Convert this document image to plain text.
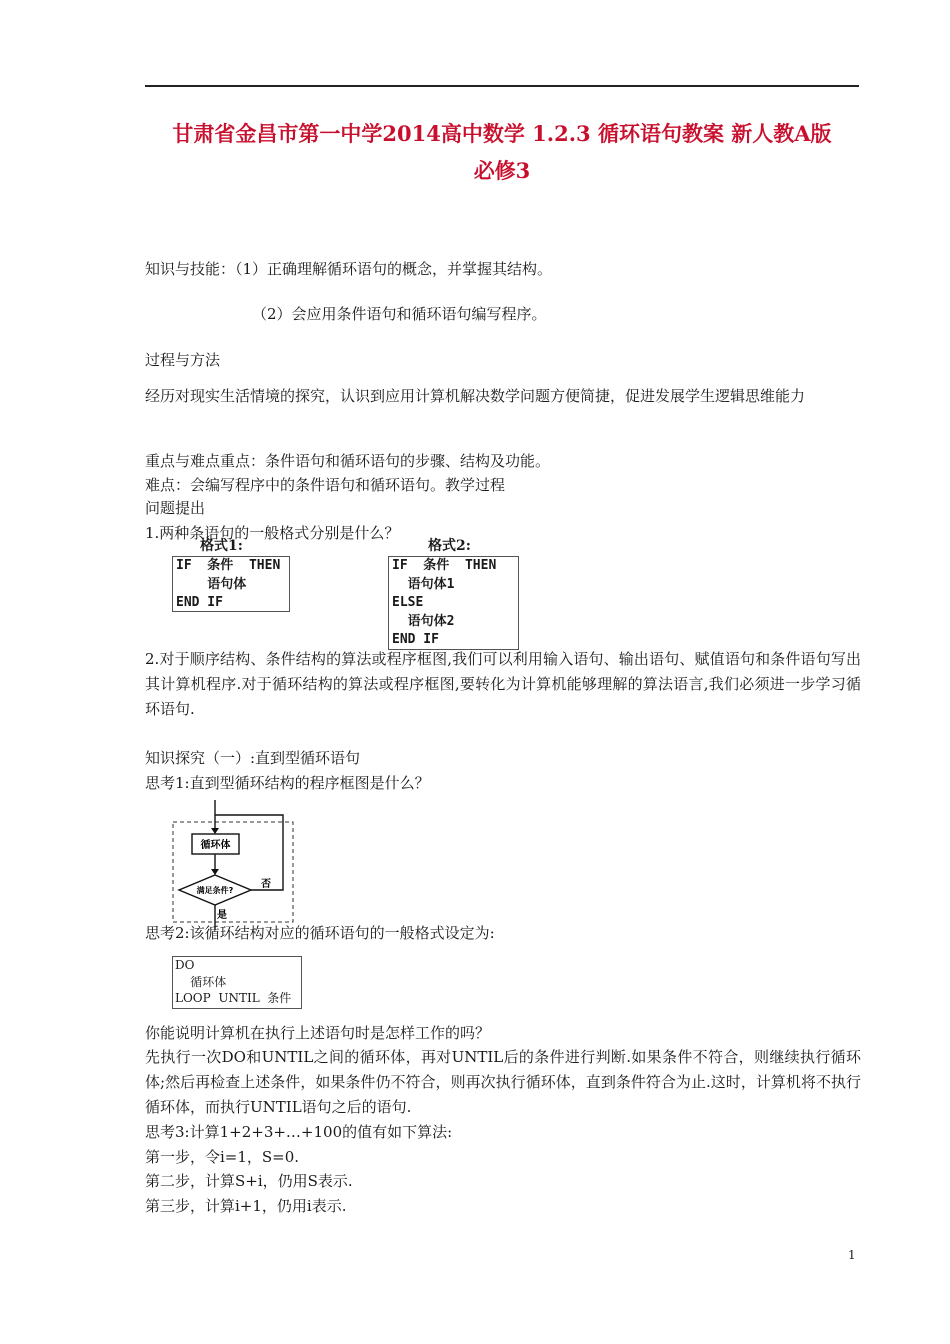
甘肃省金昌市第一中学2014高中数学 1.2.3 循环语句教案 新人教A版
必修3
知识与技能：（1）正确理解循环语句的概念，并掌握其结构。
（2）会应用条件语句和循环语句编写程序。
过程与方法
经历对现实生活情境的探究，认识到应用计算机解决数学问题方便简捷，促进发展学生逻辑思维能力
重点与难点重点：条件语句和循环语句的步骤、结构及功能。
难点：会编写程序中的条件语句和循环语句。教学过程
问题提出
1.两种条语句的一般格式分别是什么？
格式1:
IF  条件  THEN
语句体
END IF
格式2:
IF  条件  THEN
语句体1
ELSE
语句体2
END IF
2.对于顺序结构、条件结构的算法或程序框图,我们可以利用输入语句、输出语句、赋值语句和条件语句写出其计算机程序.对于循环结构的算法或程序框图,要转化为计算机能够理解的算法语言,我们必须进一步学习循环语句.
知识探究（一）:直到型循环语句
思考1:直到型循环结构的程序框图是什么？
循环体
满足条件?
否
是
思考2:该循环结构对应的循环语句的一般格式设定为:
DO
循环体
LOOP  UNTIL  条件
你能说明计算机在执行上述语句时是怎样工作的吗？
先执行一次DO和UNTIL之间的循环体，再对UNTIL后的条件进行判断.如果条件不符合，则继续执行循环体;然后再检查上述条件，如果条件仍不符合，则再次执行循环体，直到条件符合为止.这时，计算机将不执行循环体，而执行UNTIL语句之后的语句.
思考3:计算1+2+3+…+100的值有如下算法:
第一步，令i=1，S=0.
第二步，计算S+i，仍用S表示.
第三步，计算i+1，仍用i表示.
1
